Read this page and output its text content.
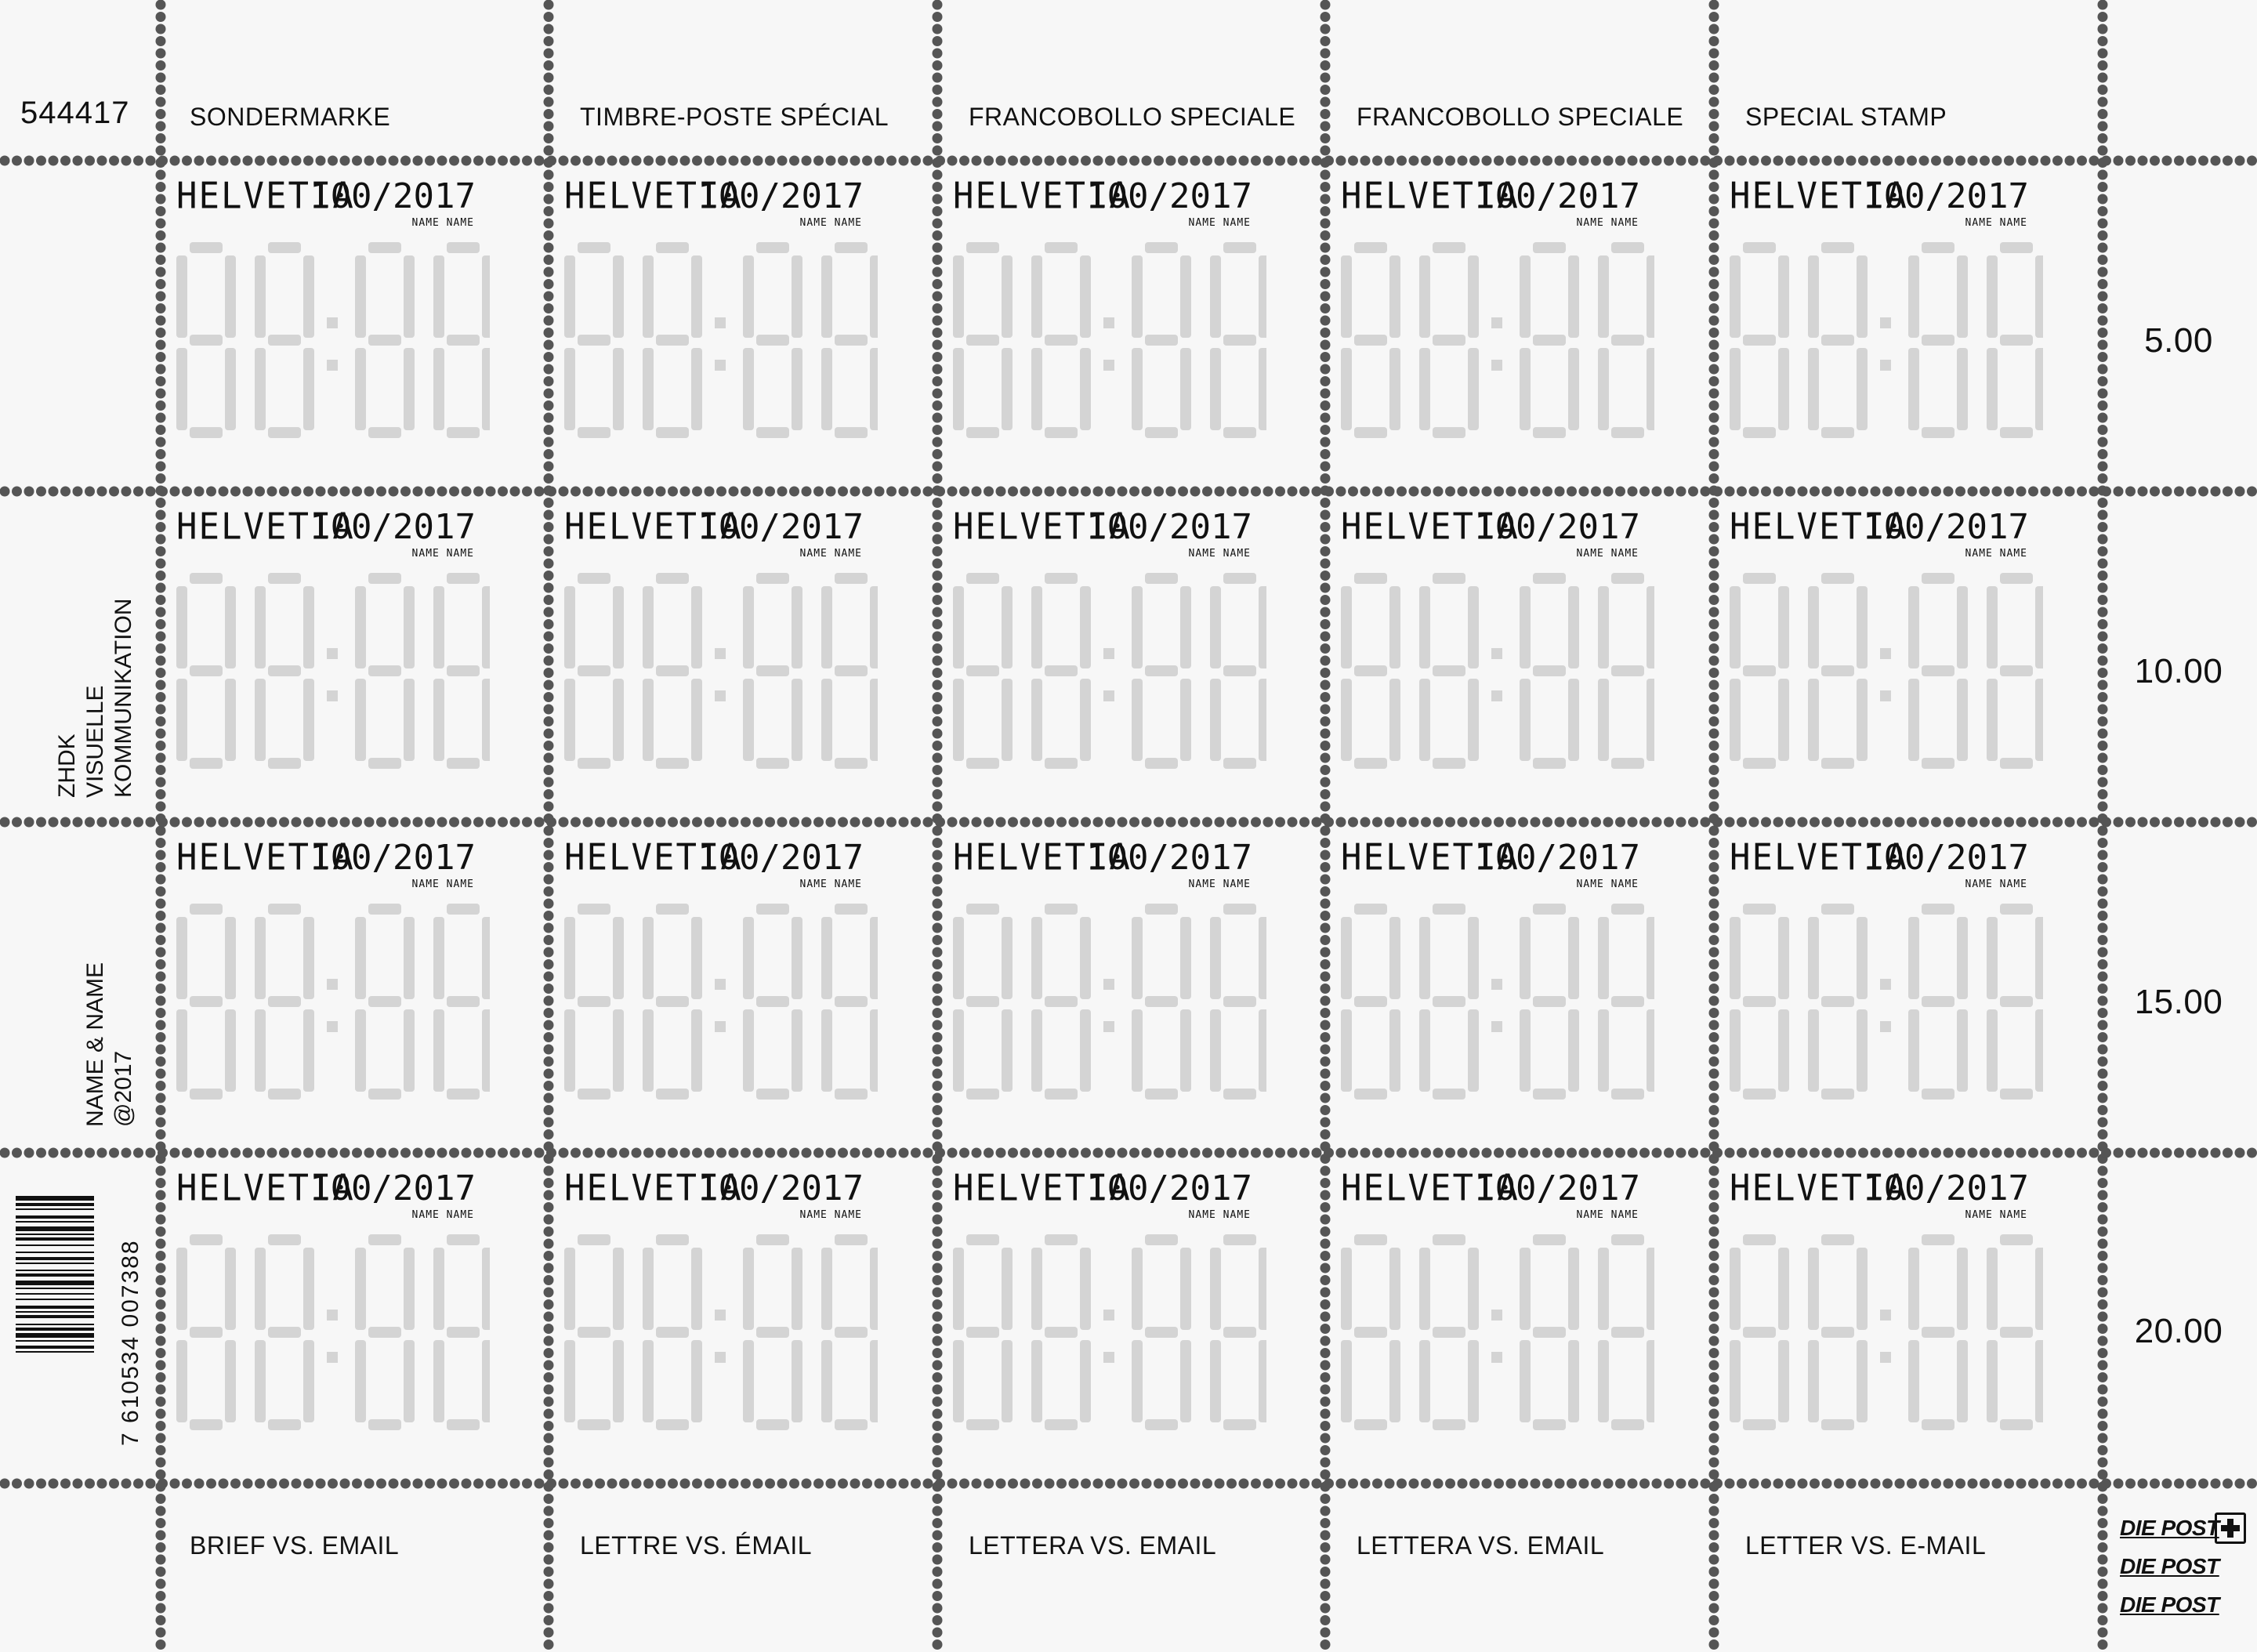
544417 SONDERMARKE	TIMBRE-POSTE SPÉCIAL	FRANCOBOLLO SPECIALE FRANCOBOLLO SPECIALE SPECIAL STAMP
BRIEF VS. EMAIL	LETTRE VS. ÉMAIL	LETTERA VS. EMAIL	LETTERA VS. EMAIL	LETTER VS. E-MAIL
5.00
10.00
15.00
20.00
ZHDK VISUELLE KOMMUNIKATION
NAME & NAME @2017
7 610534 007388
DIE POST
DIE POST
DIE POST
HELVETIA
100/2017
NAME NAME
HELVETIA
100/2017
NAME NAME
HELVETIA
100/2017
NAME NAME
HELVETIA
100/2017
NAME NAME
HELVETIA
100/2017
NAME NAME
HELVETIA
100/2017
NAME NAME
HELVETIA
100/2017
NAME NAME
HELVETIA
100/2017
NAME NAME
HELVETIA
100/2017
NAME NAME
HELVETIA
100/2017
NAME NAME
HELVETIA
100/2017
NAME NAME
HELVETIA
100/2017
NAME NAME
HELVETIA
100/2017
NAME NAME
HELVETIA
100/2017
NAME NAME
HELVETIA
100/2017
NAME NAME
HELVETIA
100/2017
NAME NAME
HELVETIA
100/2017
NAME NAME
HELVETIA
100/2017
NAME NAME
HELVETIA
100/2017
NAME NAME
HELVETIA
100/2017
NAME NAME
